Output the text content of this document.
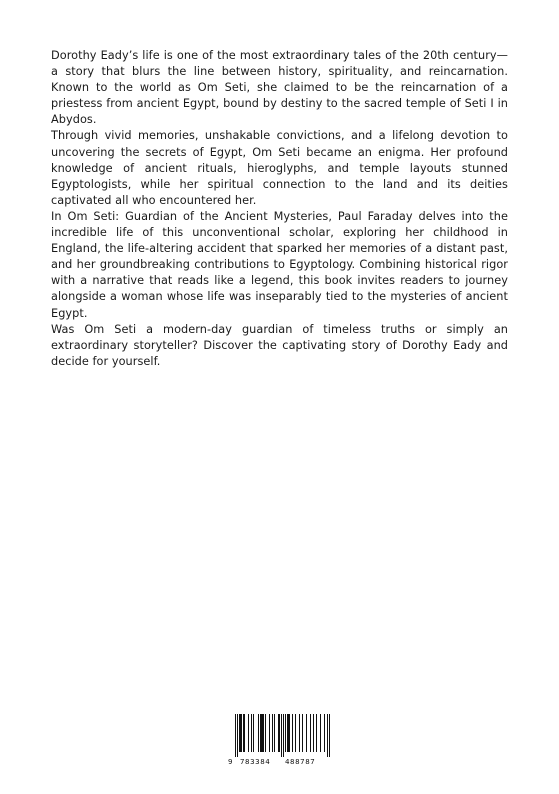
Dorothy Eady’s life is one of the most extraordinary tales of the 20th century—a story that blurs the line between history, spirituality, and reincarnation. Known to the world as Om Seti, she claimed to be the reincarnation of a priestess from ancient Egypt, bound by destiny to the sacred temple of Seti I in Abydos.

Through vivid memories, unshakable convictions, and a lifelong devotion to uncovering the secrets of Egypt, Om Seti became an enigma. Her profound knowledge of ancient rituals, hieroglyphs, and temple layouts stunned Egyptologists, while her spiritual connection to the land and its deities captivated all who encountered her.

In Om Seti: Guardian of the Ancient Mysteries, Paul Faraday delves into the incredible life of this unconventional scholar, exploring her childhood in England, the life-altering accident that sparked her memories of a distant past, and her groundbreaking contributions to Egyptology. Combining historical rigor with a narrative that reads like a legend, this book invites readers to journey alongside a woman whose life was inseparably tied to the mysteries of ancient Egypt.

Was Om Seti a modern-day guardian of timeless truths or simply an extraordinary storyteller? Discover the captivating story of Dorothy Eady and decide for yourself.

9 783384 488787
